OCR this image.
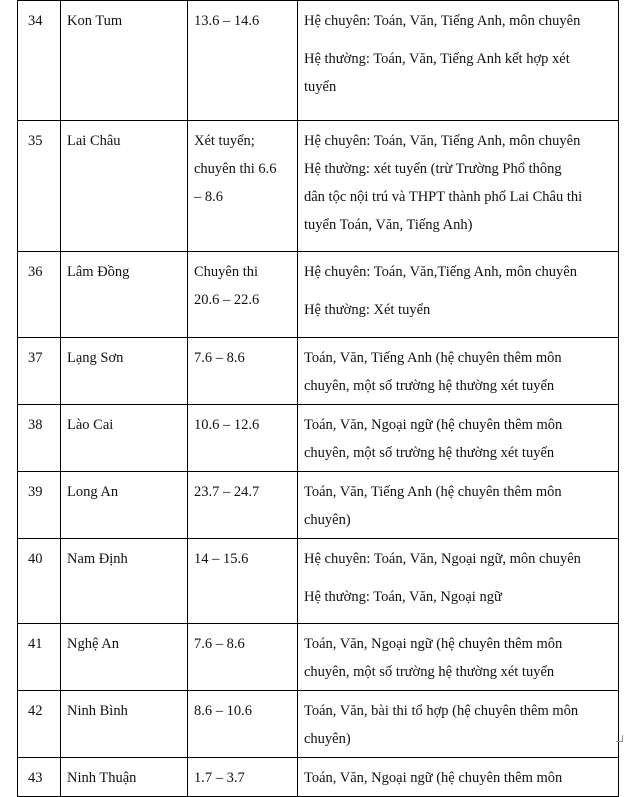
34	Kon Tum	13.6 – 14.6	Hệ chuyên: Toán, Văn, Tiếng Anh, môn chuyên
Hệ thường: Toán, Văn, Tiếng Anh kết hợp xét
tuyển

35	Lai Châu	Xét tuyển;
chuyên thi 6.6
– 8.6	Hệ chuyên: Toán, Văn, Tiếng Anh, môn chuyên
Hệ thường: xét tuyển (trừ Trường Phổ thông
dân tộc nội trú và THPT thành phố Lai Châu thi
tuyển Toán, Văn, Tiếng Anh)

36	Lâm Đồng	Chuyên thi
20.6 – 22.6	Hệ chuyên: Toán, Văn,Tiếng Anh, môn chuyên
Hệ thường: Xét tuyển

37	Lạng Sơn	7.6 – 8.6	Toán, Văn, Tiếng Anh (hệ chuyên thêm môn
chuyên, một số trường hệ thường xét tuyển

38	Lào Cai	10.6 – 12.6	Toán, Văn, Ngoại ngữ (hệ chuyên thêm môn
chuyên, một số trường hệ thường xét tuyển

39	Long An	23.7 – 24.7	Toán, Văn, Tiếng Anh (hệ chuyên thêm môn
chuyên)

40	Nam Định	14 – 15.6	Hệ chuyên: Toán, Văn, Ngoại ngữ, môn chuyên
Hệ thường: Toán, Văn, Ngoại ngữ

41	Nghệ An	7.6 – 8.6	Toán, Văn, Ngoại ngữ (hệ chuyên thêm môn
chuyên, một số trường hệ thường xét tuyển

42	Ninh Bình	8.6 – 10.6	Toán, Văn, bài thi tổ hợp (hệ chuyên thêm môn
chuyên)

43	Ninh Thuận	1.7 – 3.7	Toán, Văn, Ngoại ngữ (hệ chuyên thêm môn
